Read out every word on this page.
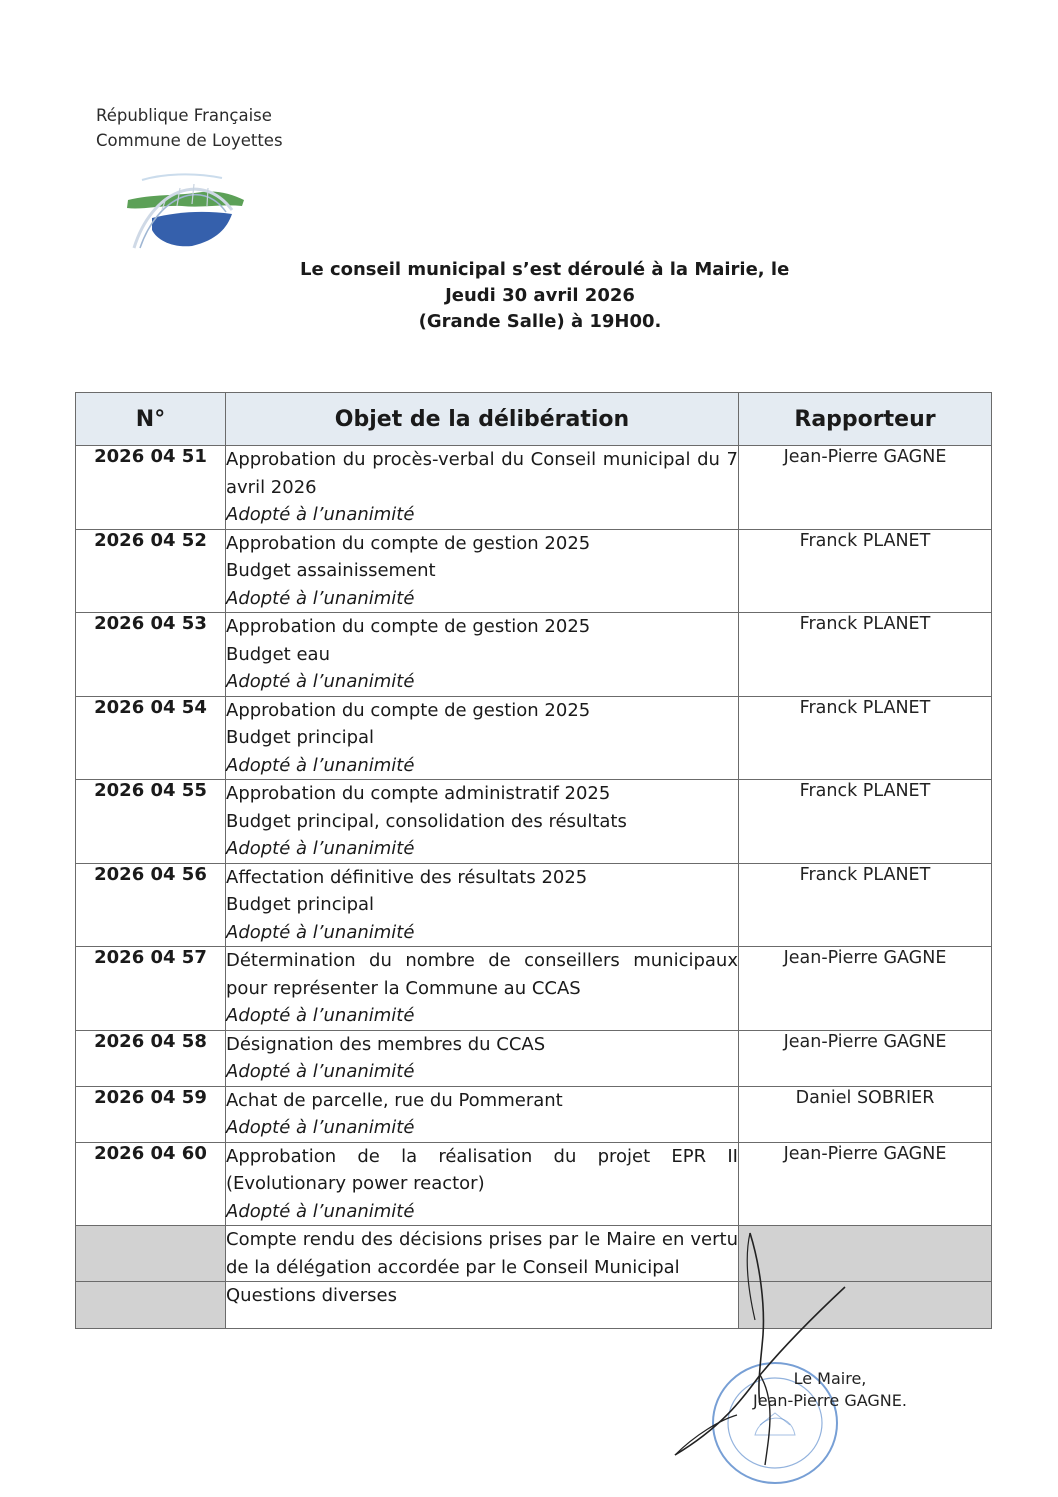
République Française
Commune de Loyettes
Le conseil municipal s’est déroulé à la Mairie, le
Jeudi 30 avril 2026
(Grande Salle) à 19H00.
N°	Objet de la délibération	Rapporteur
2026 04 51	Approbation du procès-verbal du Conseil municipal du 7 avril 2026
Adopté à l’unanimité	Jean-Pierre GAGNE
2026 04 52	Approbation du compte de gestion 2025
Budget assainissement
Adopté à l’unanimité	Franck PLANET
2026 04 53	Approbation du compte de gestion 2025
Budget eau
Adopté à l’unanimité	Franck PLANET
2026 04 54	Approbation du compte de gestion 2025
Budget principal
Adopté à l’unanimité	Franck PLANET
2026 04 55	Approbation du compte administratif 2025
Budget principal, consolidation des résultats
Adopté à l’unanimité	Franck PLANET
2026 04 56	Affectation définitive des résultats 2025
Budget principal
Adopté à l’unanimité	Franck PLANET
2026 04 57	Détermination du nombre de conseillers municipaux pour représenter la Commune au CCAS
Adopté à l’unanimité	Jean-Pierre GAGNE
2026 04 58	Désignation des membres du CCAS
Adopté à l’unanimité	Jean-Pierre GAGNE
2026 04 59	Achat de parcelle, rue du Pommerant
Adopté à l’unanimité	Daniel SOBRIER
2026 04 60	Approbation de la réalisation du projet EPR II (Evolutionary power reactor)
Adopté à l’unanimité	Jean-Pierre GAGNE
	Compte rendu des décisions prises par le Maire en vertu de la délégation accordée par le Conseil Municipal	
	Questions diverses	
Le Maire,
Jean-Pierre GAGNE.
